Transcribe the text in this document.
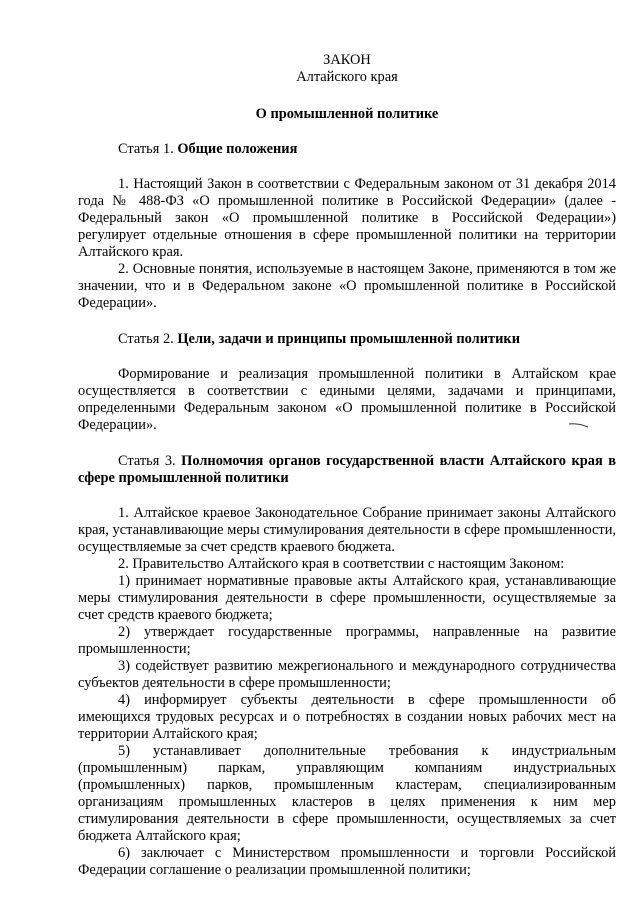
ЗАКОН
Алтайского края
О промышленной политике
Статья 1. Общие положения

1. Настоящий Закон в соответствии с Федеральным законом от 31 декабря 2014 года № 488-ФЗ «О промышленной политике в Российской Федерации» (далее - Федеральный закон «О промышленной политике в Российской Федерации») регулирует отдельные отношения в сфере промышленной политики на территории Алтайского края.

2. Основные понятия, используемые в настоящем Законе, применяются в том же значении, что и в Федеральном законе «О промышленной политике в Российской Федерации».

Статья 2. Цели, задачи и принципы промышленной политики

Формирование и реализация промышленной политики в Алтайском крае осуществляется в соответствии с едиными целями, задачами и принципами, определенными Федеральным законом «О промышленной политике в Российской Федерации».

Статья 3. Полномочия органов государственной власти Алтайского края в сфере промышленной политики

1. Алтайское краевое Законодательное Собрание принимает законы Алтайского края, устанавливающие меры стимулирования деятельности в сфере промышленности, осуществляемые за счет средств краевого бюджета.

2. Правительство Алтайского края в соответствии с настоящим Законом:

1) принимает нормативные правовые акты Алтайского края, устанавливающие меры стимулирования деятельности в сфере промышленности, осуществляемые за счет средств краевого бюджета;

2) утверждает государственные программы, направленные на развитие промышленности;

3) содействует развитию межрегионального и международного сотрудничества субъектов деятельности в сфере промышленности;

4) информирует субъекты деятельности в сфере промышленности об имеющихся трудовых ресурсах и о потребностях в создании новых рабочих мест на территории Алтайского края;

5) устанавливает дополнительные требования к индустриальным (промышленным) паркам, управляющим компаниям индустриальных (промышленных) парков, промышленным кластерам, специализированным организациям промышленных кластеров в целях применения к ним мер стимулирования деятельности в сфере промышленности, осуществляемых за счет бюджета Алтайского края;

6) заключает с Министерством промышленности и торговли Российской Федерации соглашение о реализации промышленной политики;
